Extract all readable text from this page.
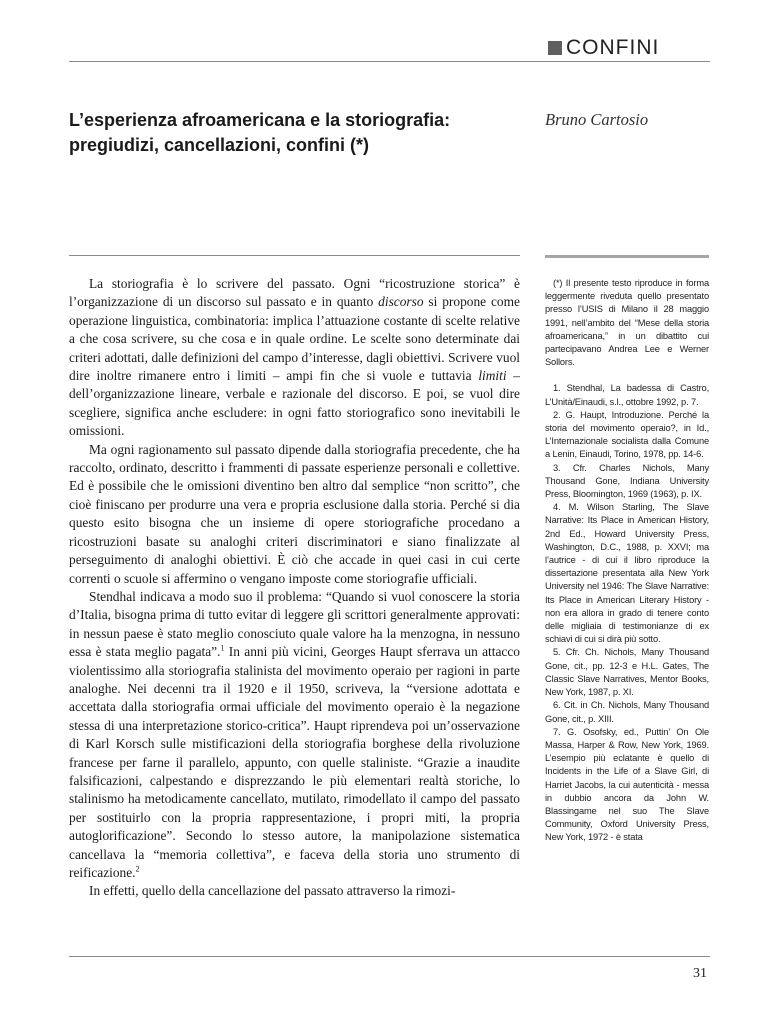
CONFINI
L’esperienza afroamericana e la storiografia: pregiudizi, cancellazioni, confini (*)
Bruno Cartosio

La storiografia è lo scrivere del passato. Ogni “ricostruzione storica” è l’organizzazione di un discorso sul passato e in quanto discorso si propone come operazione linguistica, combinatoria: implica l’attuazione costante di scelte relative a che cosa scrivere, su che cosa e in quale ordine. Le scelte sono determinate dai criteri adottati, dalle definizioni del campo d’interesse, dagli obiettivi. Scrivere vuol dire inoltre rimanere entro i limiti – ampi fin che si vuole e tuttavia limiti – dell’organizzazione lineare, verbale e razionale del discorso. E poi, se vuol dire scegliere, significa anche escludere: in ogni fatto storiografico sono inevitabili le omissioni.

Ma ogni ragionamento sul passato dipende dalla storiografia precedente, che ha raccolto, ordinato, descritto i frammenti di passate esperienze personali e collettive. Ed è possibile che le omissioni diventino ben altro dal semplice “non scritto”, che cioè finiscano per produrre una vera e propria esclusione dalla storia. Perché si dia questo esito bisogna che un insieme di opere storiografiche procedano a ricostruzioni basate su analoghi criteri discriminatori e siano finalizzate al perseguimento di analoghi obiettivi. È ciò che accade in quei casi in cui certe correnti o scuole si affermino o vengano imposte come storiografie ufficiali.

Stendhal indicava a modo suo il problema: “Quando si vuol conoscere la storia d’Italia, bisogna prima di tutto evitar di leggere gli scrittori generalmente approvati: in nessun paese è stato meglio conosciuto quale valore ha la menzogna, in nessuno essa è stata meglio pagata”.$^1$ In anni più vicini, Georges Haupt sferrava un attacco violentissimo alla storiografia stalinista del movimento operaio per ragioni in parte analoghe. Nei decenni tra il 1920 e il 1950, scriveva, la “versione adottata e accettata dalla storiografia ormai ufficiale del movimento operaio è la negazione stessa di una interpretazione storico-critica”. Haupt riprendeva poi un’osservazione di Karl Korsch sulle mistificazioni della storiografia borghese della rivoluzione francese per farne il parallelo, appunto, con quelle staliniste. “Grazie a inaudite falsificazioni, calpestando e disprezzando le più elementari realtà storiche, lo stalinismo ha metodicamente cancellato, mutilato, rimodellato il campo del passato per sostituirlo con la propria rappresentazione, i propri miti, la propria autoglorificazione”. Secondo lo stesso autore, la manipolazione sistematica cancellava la “memoria collettiva”, e faceva della storia uno strumento di reificazione.$^2$

In effetti, quello della cancellazione del passato attraverso la rimozi-

(*) Il presente testo riproduce in forma leggermente riveduta quello presentato presso l’USIS di Milano il 28 maggio 1991, nell’ambito del “Mese della storia afroamericana,” in un dibattito cui partecipavano Andrea Lee e Werner Sollors.

1. Stendhal, La badessa di Castro, L’Unità/Einaudi, s.l., ottobre 1992, p. 7.

2. G. Haupt, Introduzione. Perché la storia del movimento operaio?, in Id., L’Internazionale socialista dalla Comune a Lenin, Einaudi, Torino, 1978, pp. 14-6.

3. Cfr. Charles Nichols, Many Thousand Gone, Indiana University Press, Bloomington, 1969 (1963), p. IX.

4. M. Wilson Starling, The Slave Narrative: Its Place in American History, 2nd Ed., Howard University Press, Washington, D.C., 1988, p. XXVI; ma l’autrice - di cui il libro riproduce la dissertazione presentata alla New York University nel 1946: The Slave Narrative: Its Place in American Literary History - non era allora in grado di tenere conto delle migliaia di testimonianze di ex schiavi di cui si dirà più sotto.

5. Cfr. Ch. Nichols, Many Thousand Gone, cit., pp. 12-3 e H.L. Gates, The Classic Slave Narratives, Mentor Books, New York, 1987, p. XI.

6. Cit. in Ch. Nichols, Many Thousand Gone, cit., p. XIII.

7. G. Osofsky, ed., Puttin’ On Ole Massa, Harper & Row, New York, 1969. L’esempio più eclatante è quello di Incidents in the Life of a Slave Girl, di Harriet Jacobs, la cui autenticità - messa in dubbio ancora da John W. Blassingame nel suo The Slave Community, Oxford University Press, New York, 1972 - è stata

31
